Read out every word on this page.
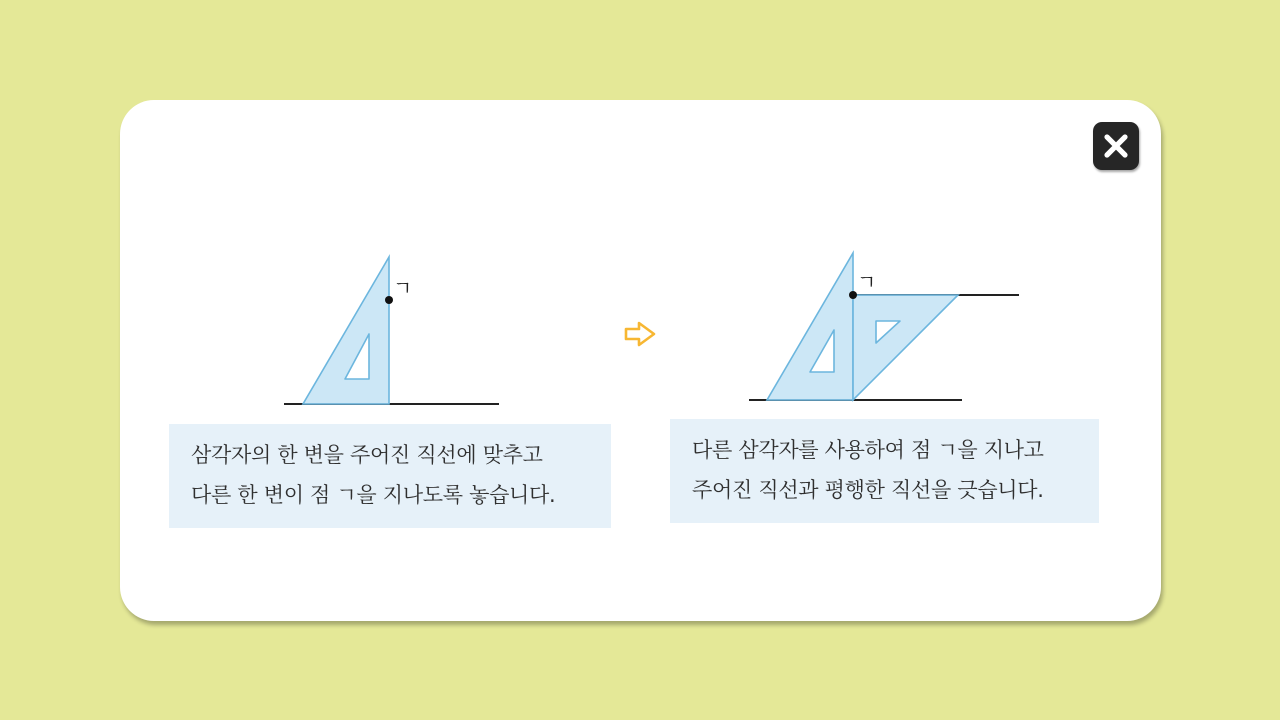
ㄱ
삼각자의 한 변을 주어진 직선에 맞추고
다른 한 변이 점 ㄱ을 지나도록 놓습니다.
ㄱ
다른 삼각자를 사용하여 점 ㄱ을 지나고
주어진 직선과 평행한 직선을 긋습니다.
